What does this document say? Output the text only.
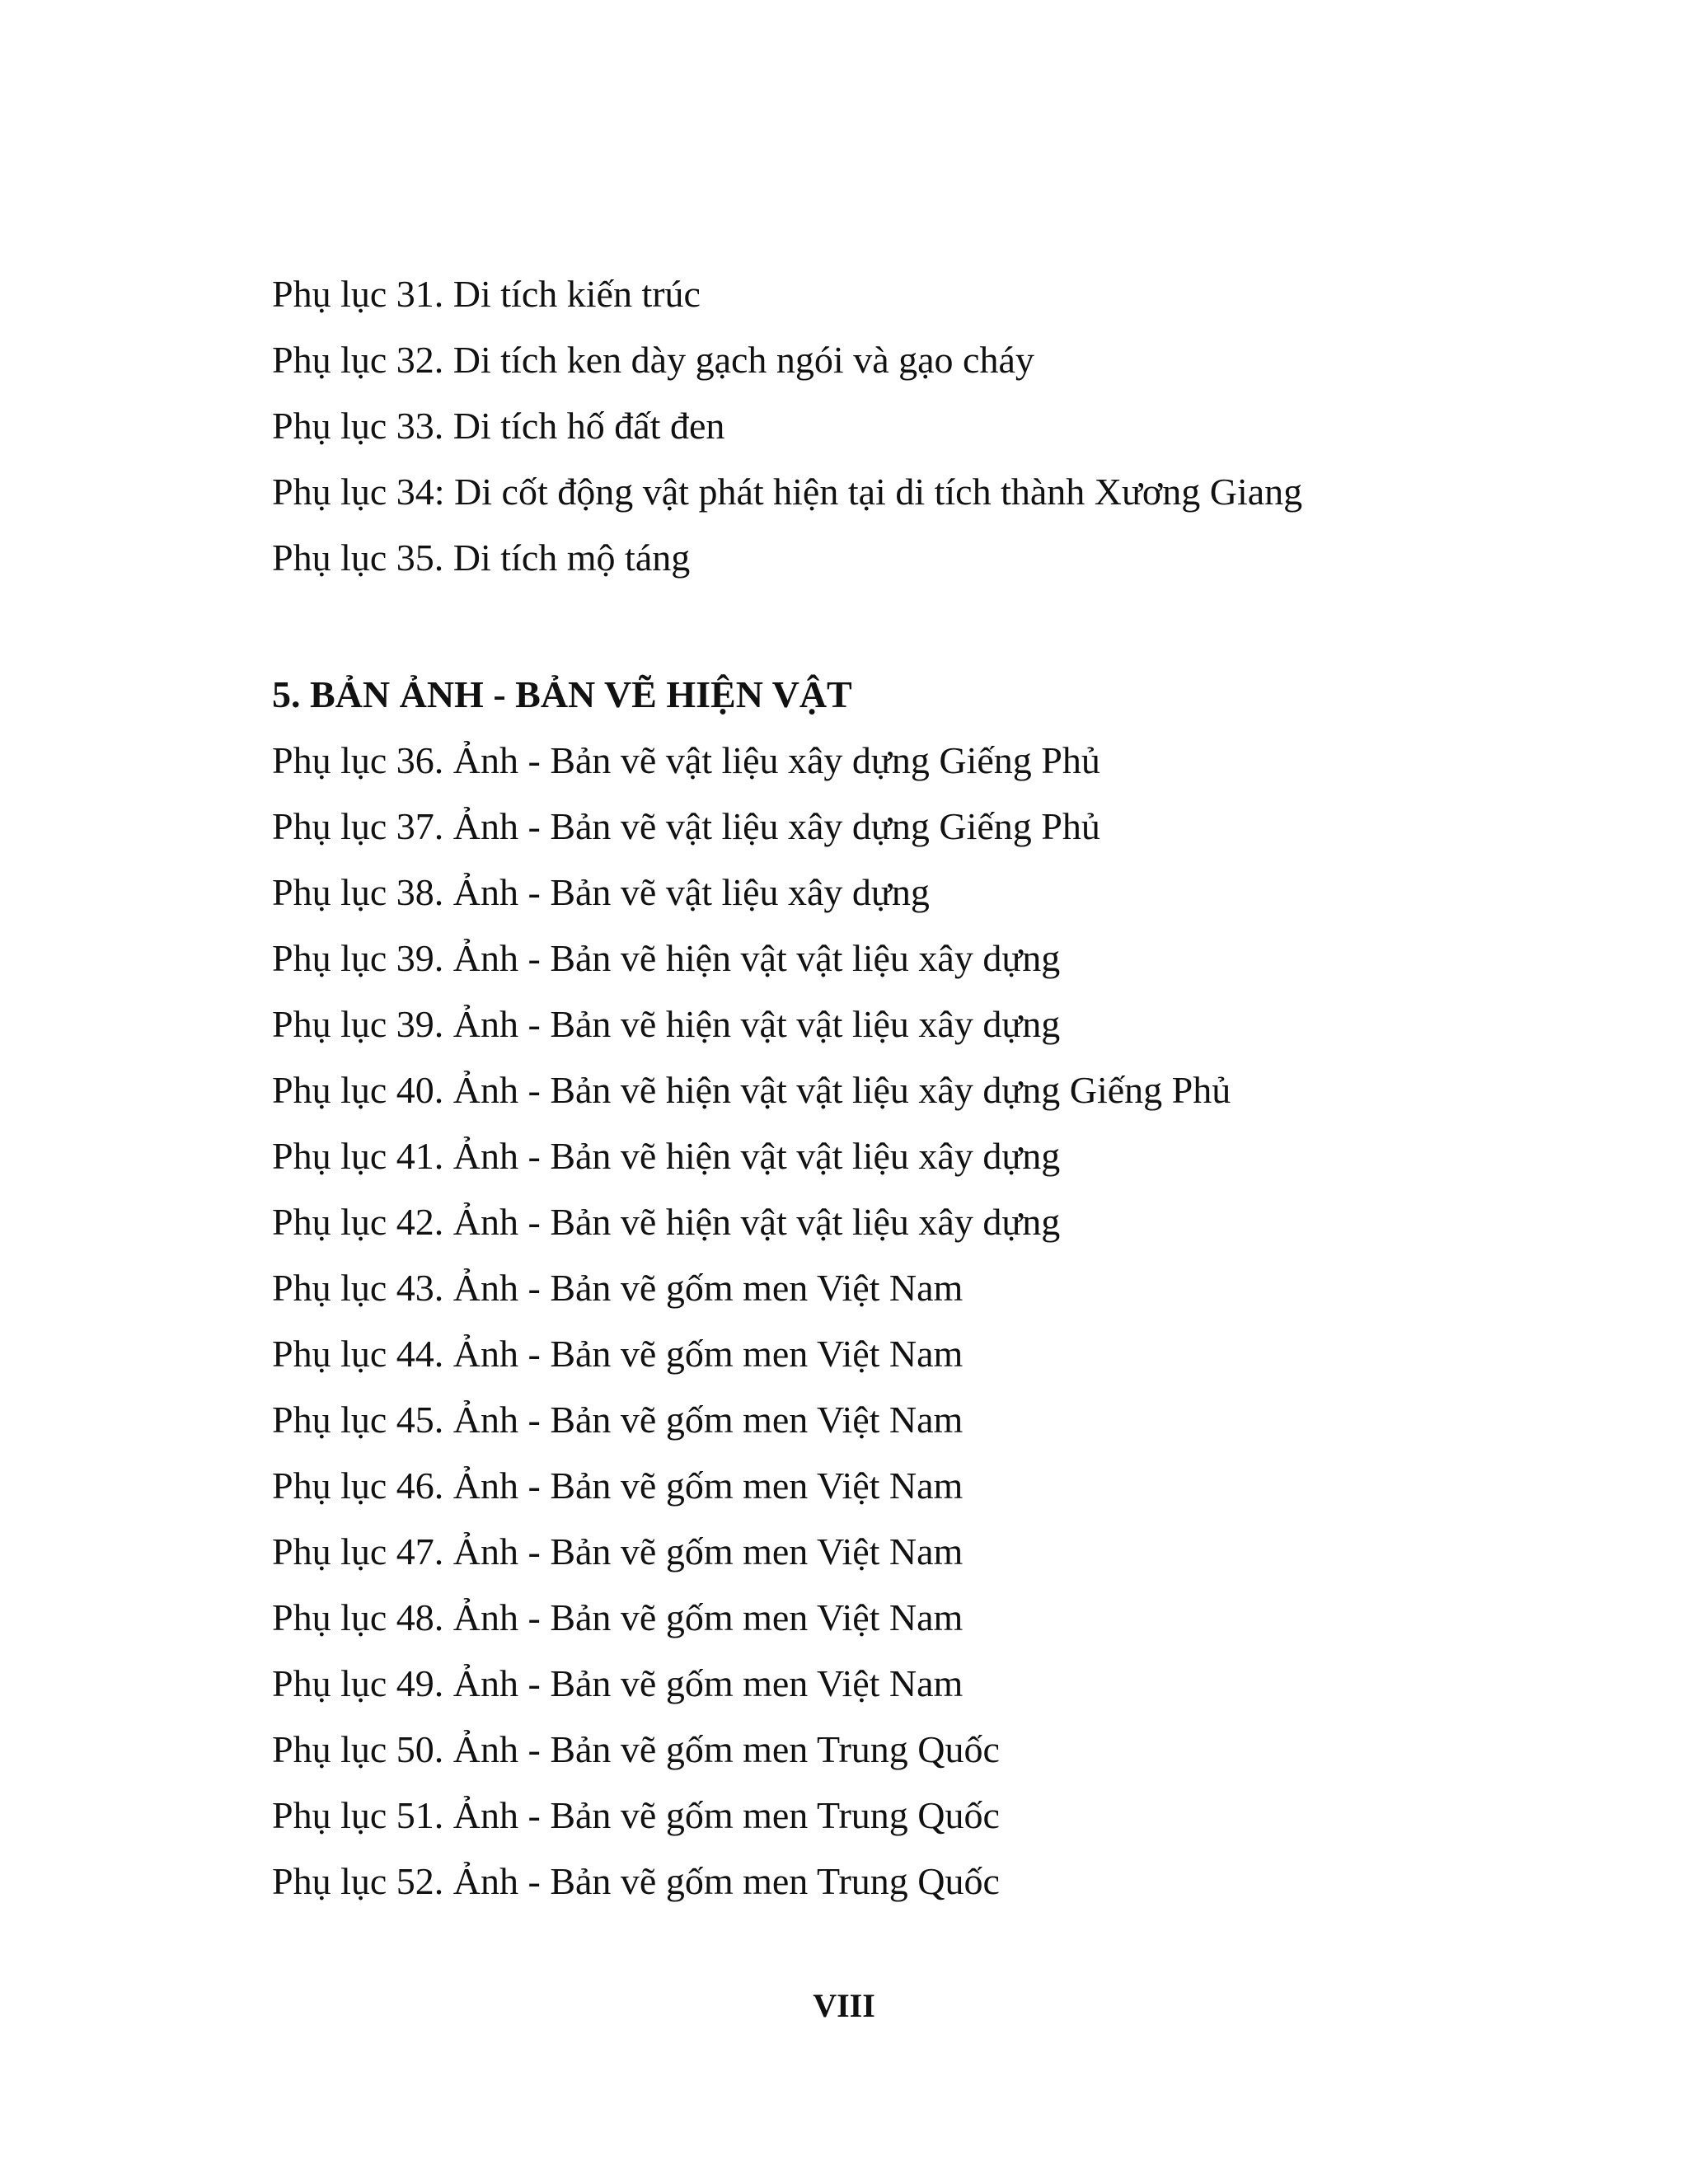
Phụ lục 31. Di tích kiến trúc

Phụ lục 32. Di tích ken dày gạch ngói và gạo cháy

Phụ lục 33. Di tích hố đất đen

Phụ lục 34: Di cốt động vật phát hiện tại di tích thành Xương Giang

Phụ lục 35. Di tích mộ táng

5. BẢN ẢNH - BẢN VẼ HIỆN VẬT

Phụ lục 36. Ảnh - Bản vẽ vật liệu xây dựng Giếng Phủ

Phụ lục 37. Ảnh - Bản vẽ vật liệu xây dựng Giếng Phủ

Phụ lục 38. Ảnh - Bản vẽ vật liệu xây dựng

Phụ lục 39. Ảnh - Bản vẽ hiện vật vật liệu xây dựng

Phụ lục 39. Ảnh - Bản vẽ hiện vật vật liệu xây dựng

Phụ lục 40. Ảnh - Bản vẽ hiện vật vật liệu xây dựng Giếng Phủ

Phụ lục 41. Ảnh - Bản vẽ hiện vật vật liệu xây dựng

Phụ lục 42. Ảnh - Bản vẽ hiện vật vật liệu xây dựng

Phụ lục 43. Ảnh - Bản vẽ gốm men Việt Nam

Phụ lục 44. Ảnh - Bản vẽ gốm men Việt Nam

Phụ lục 45. Ảnh - Bản vẽ gốm men Việt Nam

Phụ lục 46. Ảnh - Bản vẽ gốm men Việt Nam

Phụ lục 47. Ảnh - Bản vẽ gốm men Việt Nam

Phụ lục 48. Ảnh - Bản vẽ gốm men Việt Nam

Phụ lục 49. Ảnh - Bản vẽ gốm men Việt Nam

Phụ lục 50. Ảnh - Bản vẽ gốm men Trung Quốc

Phụ lục 51. Ảnh - Bản vẽ gốm men Trung Quốc

Phụ lục 52. Ảnh - Bản vẽ gốm men Trung Quốc

VIII
